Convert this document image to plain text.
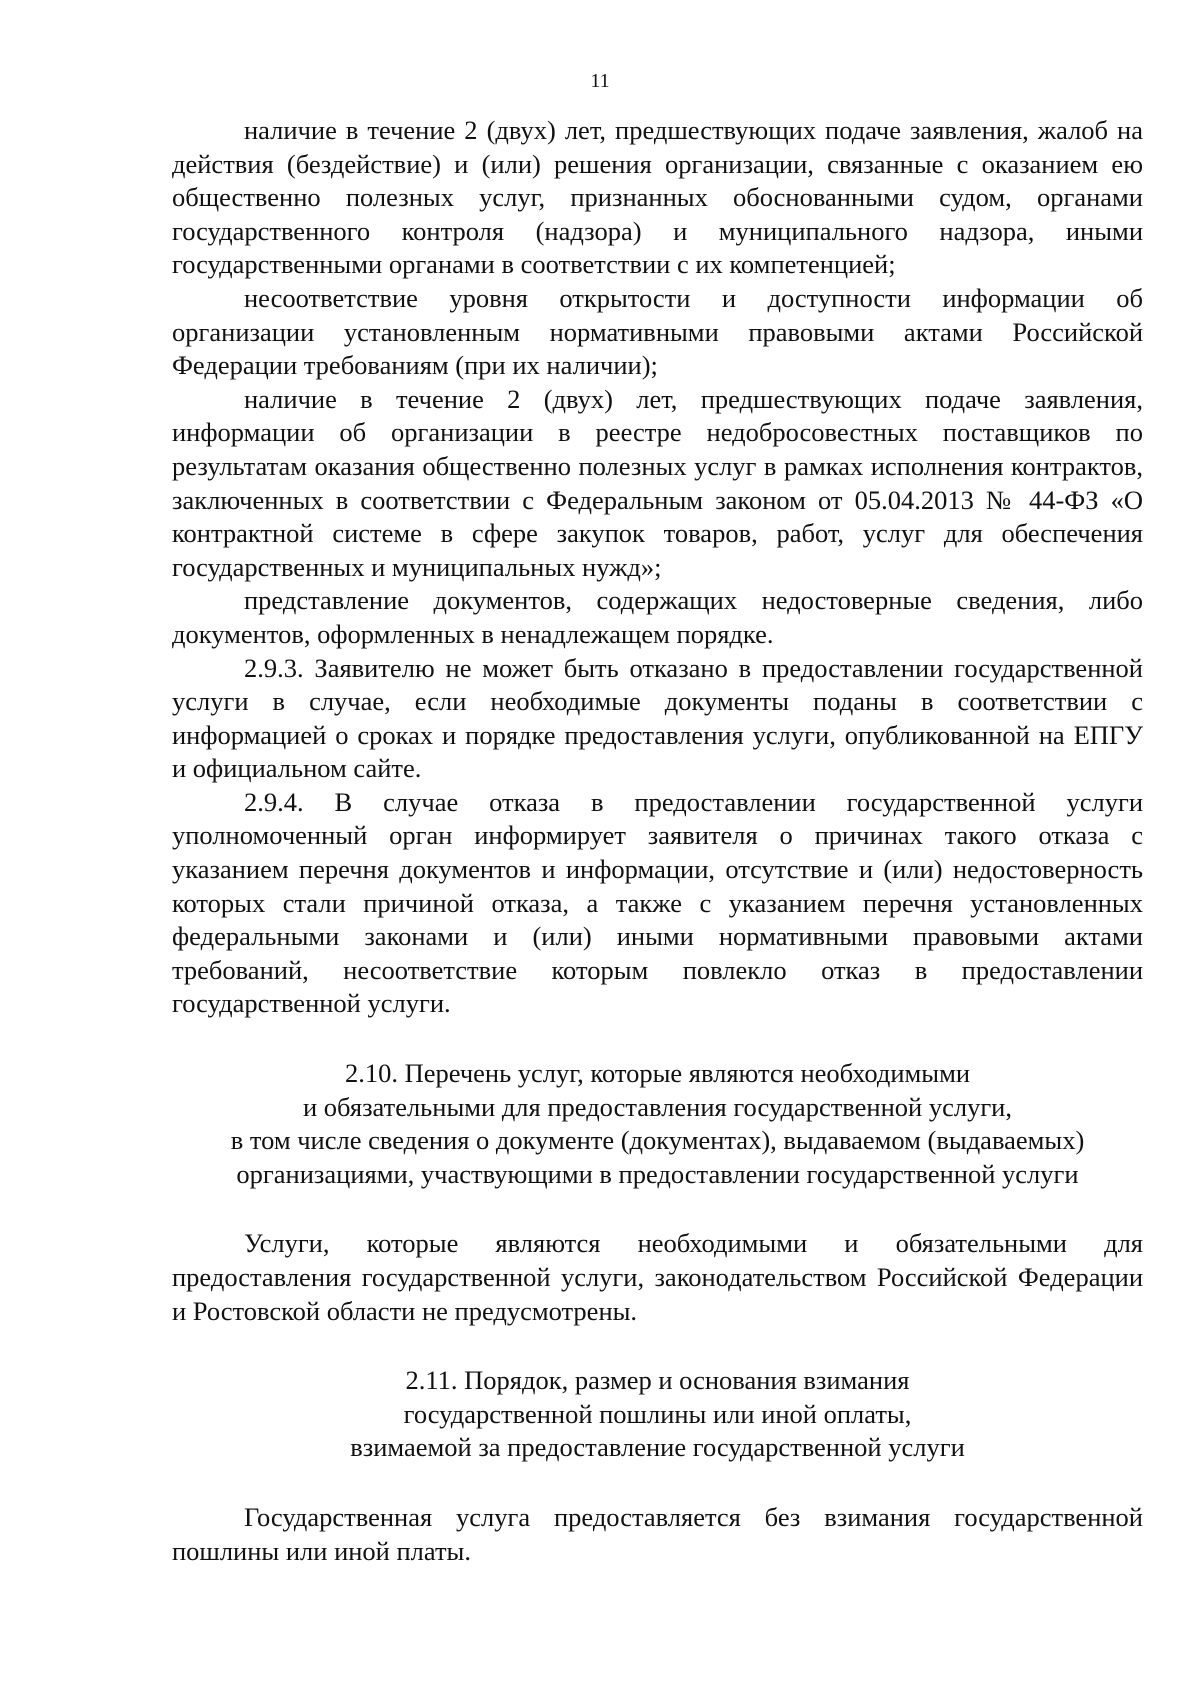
11

наличие в течение 2 (двух) лет, предшествующих подаче заявления, жалоб на действия (бездействие) и (или) решения организации, связанные с оказанием ею общественно полезных услуг, признанных обоснованными судом, органами государственного контроля (надзора) и муниципального надзора, иными государственными органами в соответствии с их компетенцией;

несоответствие уровня открытости и доступности информации об организации установленным нормативными правовыми актами Российской Федерации требованиям (при их наличии);

наличие в течение 2 (двух) лет, предшествующих подаче заявления, информации об организации в реестре недобросовестных поставщиков по результатам оказания общественно полезных услуг в рамках исполнения контрактов, заключенных в соответствии с Федеральным законом от 05.04.2013 № 44-ФЗ «О контрактной системе в сфере закупок товаров, работ, услуг для обеспечения государственных и муниципальных нужд»;

представление документов, содержащих недостоверные сведения, либо документов, оформленных в ненадлежащем порядке.

2.9.3. Заявителю не может быть отказано в предоставлении государственной услуги в случае, если необходимые документы поданы в соответствии с информацией о сроках и порядке предоставления услуги, опубликованной на ЕПГУ и официальном сайте.

2.9.4. В случае отказа в предоставлении государственной услуги уполномоченный орган информирует заявителя о причинах такого отказа с указанием перечня документов и информации, отсутствие и (или) недостоверность которых стали причиной отказа, а также с указанием перечня установленных федеральными законами и (или) иными нормативными правовыми актами требований, несоответствие которым повлекло отказ в предоставлении государственной услуги.

2.10. Перечень услуг, которые являются необходимыми
и обязательными для предоставления государственной услуги,
в том числе сведения о документе (документах), выдаваемом (выдаваемых)
организациями, участвующими в предоставлении государственной услуги

Услуги, которые являются необходимыми и обязательными для предоставления государственной услуги, законодательством Российской Федерации и Ростовской области не предусмотрены.

2.11. Порядок, размер и основания взимания
государственной пошлины или иной оплаты,
взимаемой за предоставление государственной услуги

Государственная услуга предоставляется без взимания государственной пошлины или иной платы.
